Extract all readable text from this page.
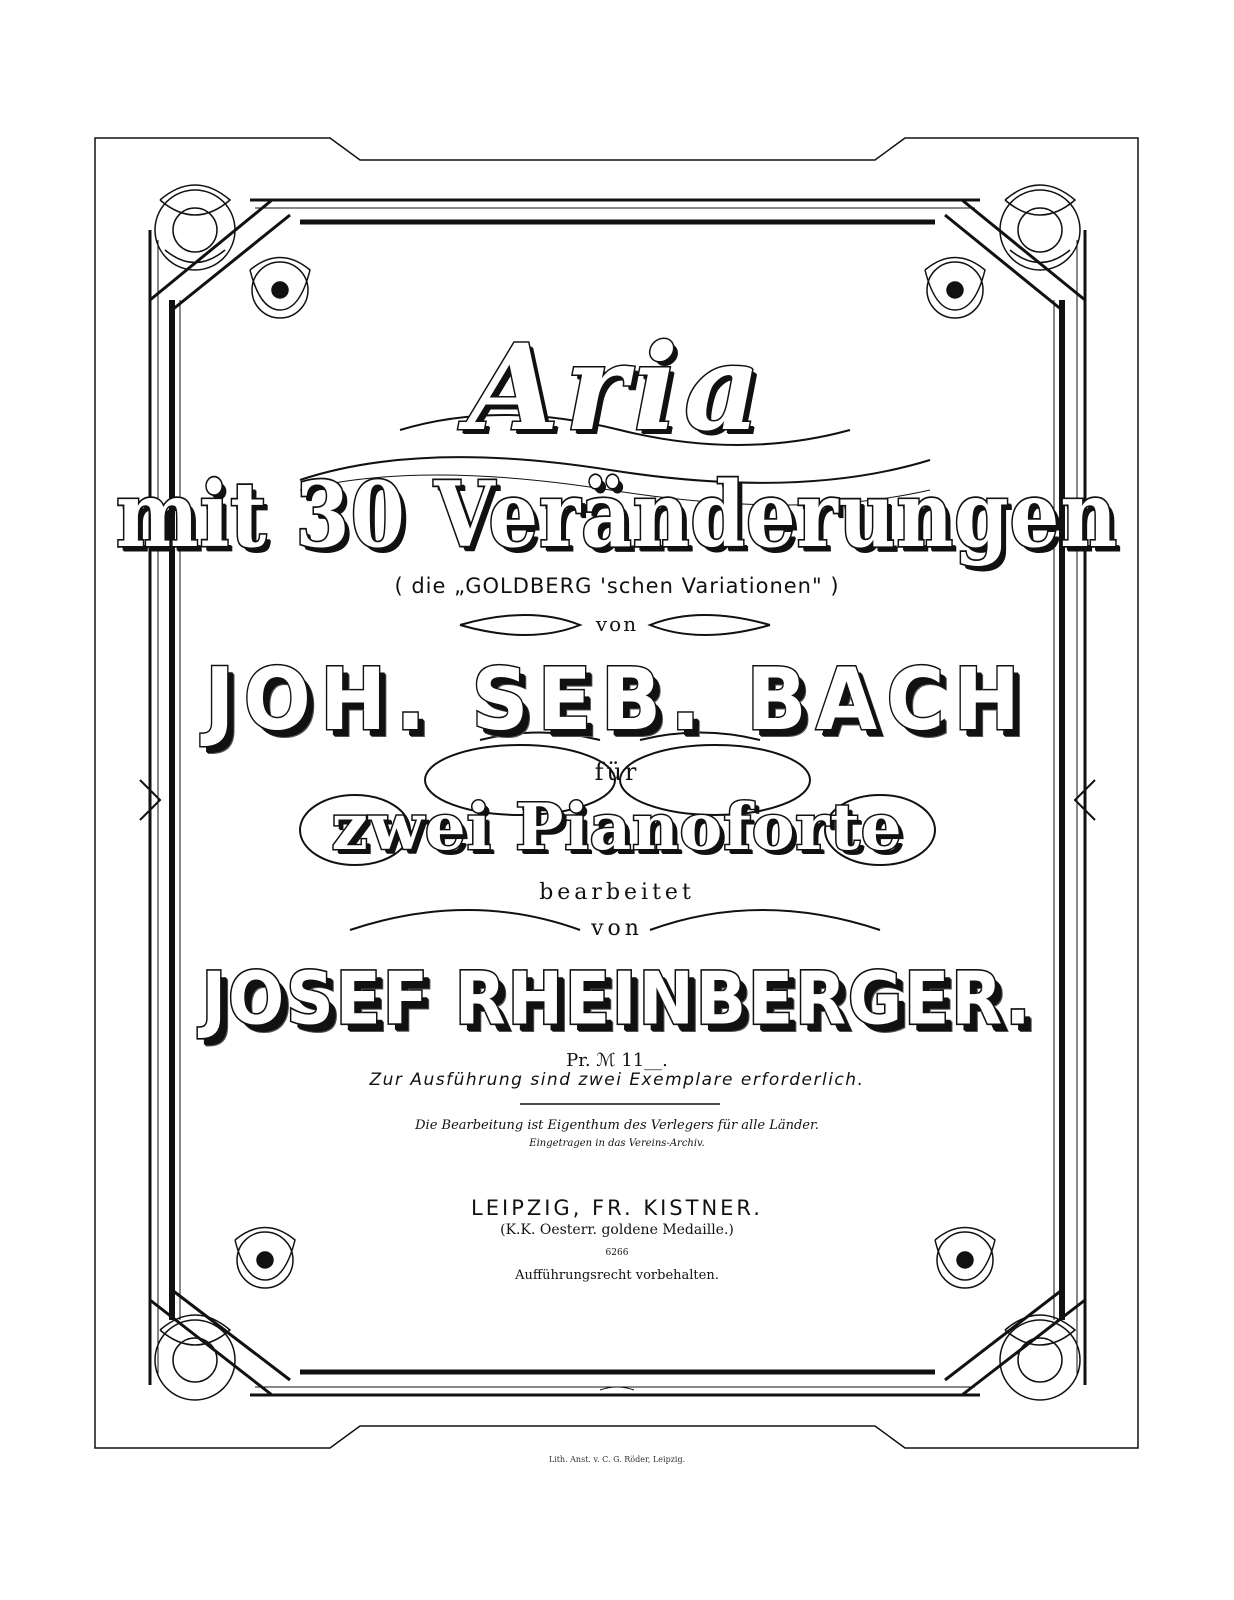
Aria
mit 30 Veränderungen
( die „GOLDBERG 'schen Variationen" )
von
JOH. SEB. BACH
für
zwei Pianoforte
bearbeitet
von
JOSEF RHEINBERGER.
Pr. ℳ 11__.
Zur Ausführung sind zwei Exemplare erforderlich.
Die Bearbeitung ist Eigenthum des Verlegers für alle Länder.
Eingetragen in das Vereins-Archiv.
LEIPZIG, FR. KISTNER.
(K.K. Oesterr. goldene Medaille.)
6266
Aufführungsrecht vorbehalten.
Lith. Anst. v. C. G. Röder, Leipzig.
